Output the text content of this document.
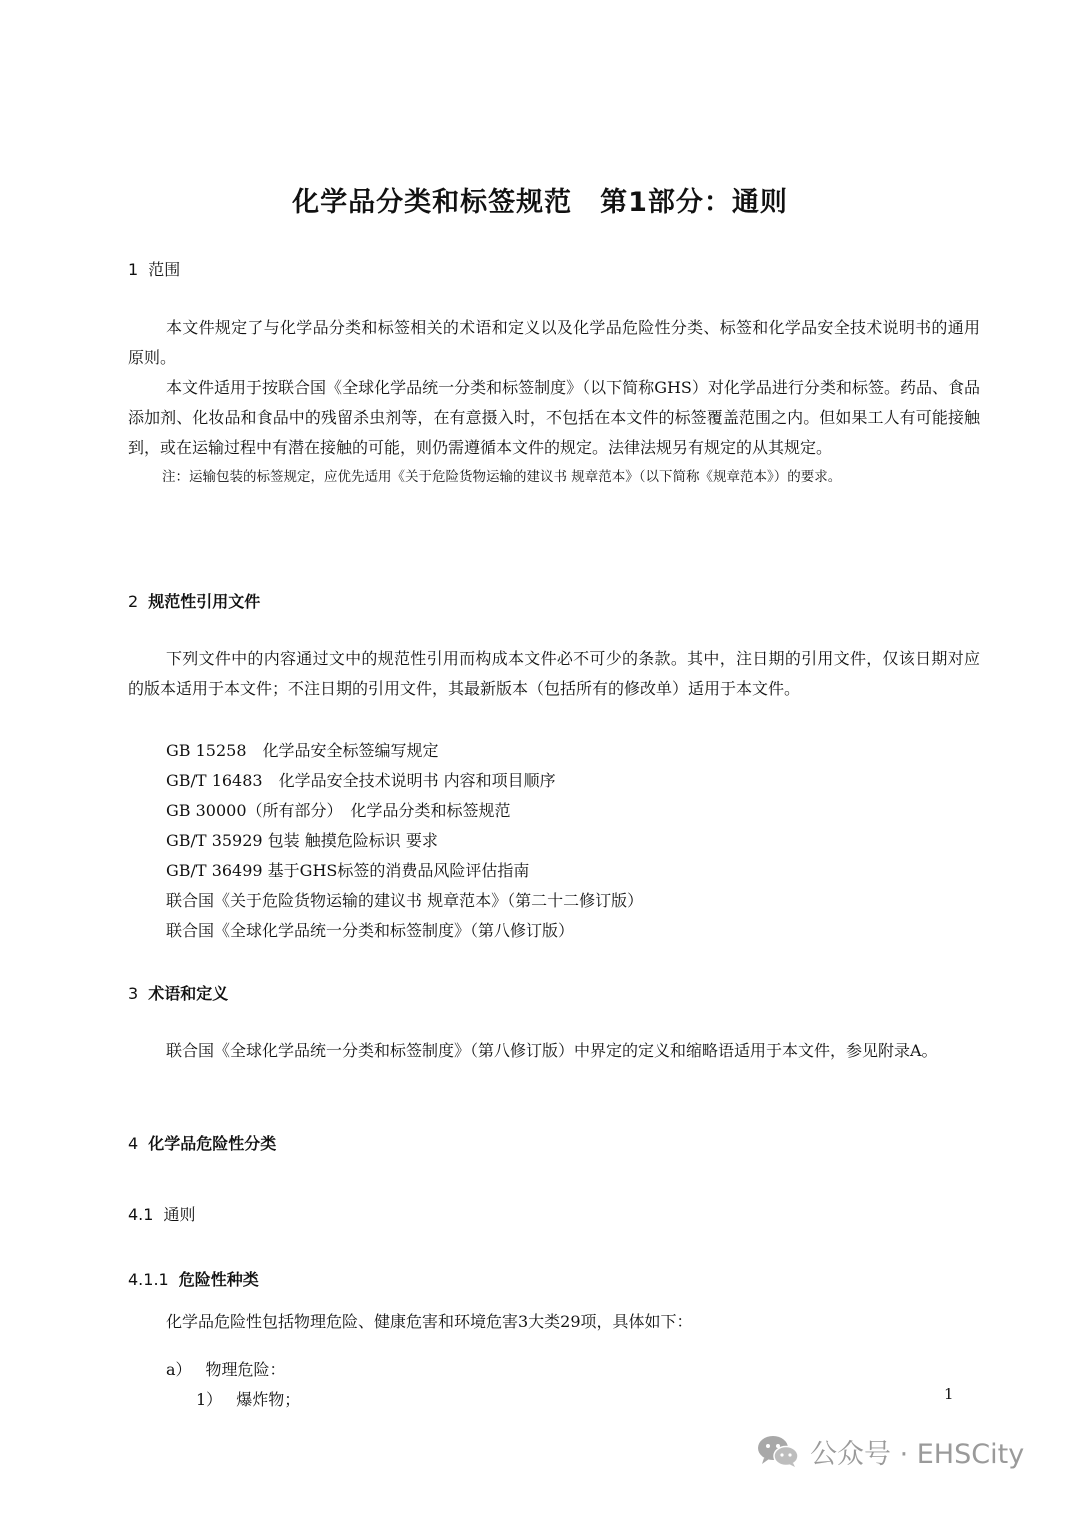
化学品分类和标签规范　第1部分：通则
1 范围

本文件规定了与化学品分类和标签相关的术语和定义以及化学品危险性分类、标签和化学品安全技术说明书的通用原则。

本文件适用于按联合国《全球化学品统一分类和标签制度》（以下简称GHS）对化学品进行分类和标签。药品、食品添加剂、化妆品和食品中的残留杀虫剂等，在有意摄入时，不包括在本文件的标签覆盖范围之内。但如果工人有可能接触到，或在运输过程中有潜在接触的可能，则仍需遵循本文件的规定。法律法规另有规定的从其规定。

注：运输包装的标签规定，应优先适用《关于危险货物运输的建议书 规章范本》（以下简称《规章范本》）的要求。

2 规范性引用文件

下列文件中的内容通过文中的规范性引用而构成本文件必不可少的条款。其中，注日期的引用文件，仅该日期对应的版本适用于本文件；不注日期的引用文件，其最新版本（包括所有的修改单）适用于本文件。

GB 15258　化学品安全标签编写规定
GB/T 16483　化学品安全技术说明书 内容和项目顺序
GB 30000（所有部分）　化学品分类和标签规范
GB/T 35929 包装 触摸危险标识 要求
GB/T 36499 基于GHS标签的消费品风险评估指南
联合国《关于危险货物运输的建议书 规章范本》（第二十二修订版）
联合国《全球化学品统一分类和标签制度》（第八修订版）
3 术语和定义

联合国《全球化学品统一分类和标签制度》（第八修订版）中界定的定义和缩略语适用于本文件，参见附录A。

4 化学品危险性分类
4.1 通则
4.1.1 危险性种类
化学品危险性包括物理危险、健康危害和环境危害3大类29项，具体如下：
a） 物理危险：
1） 爆炸物；	1
公众号 · EHSCity
